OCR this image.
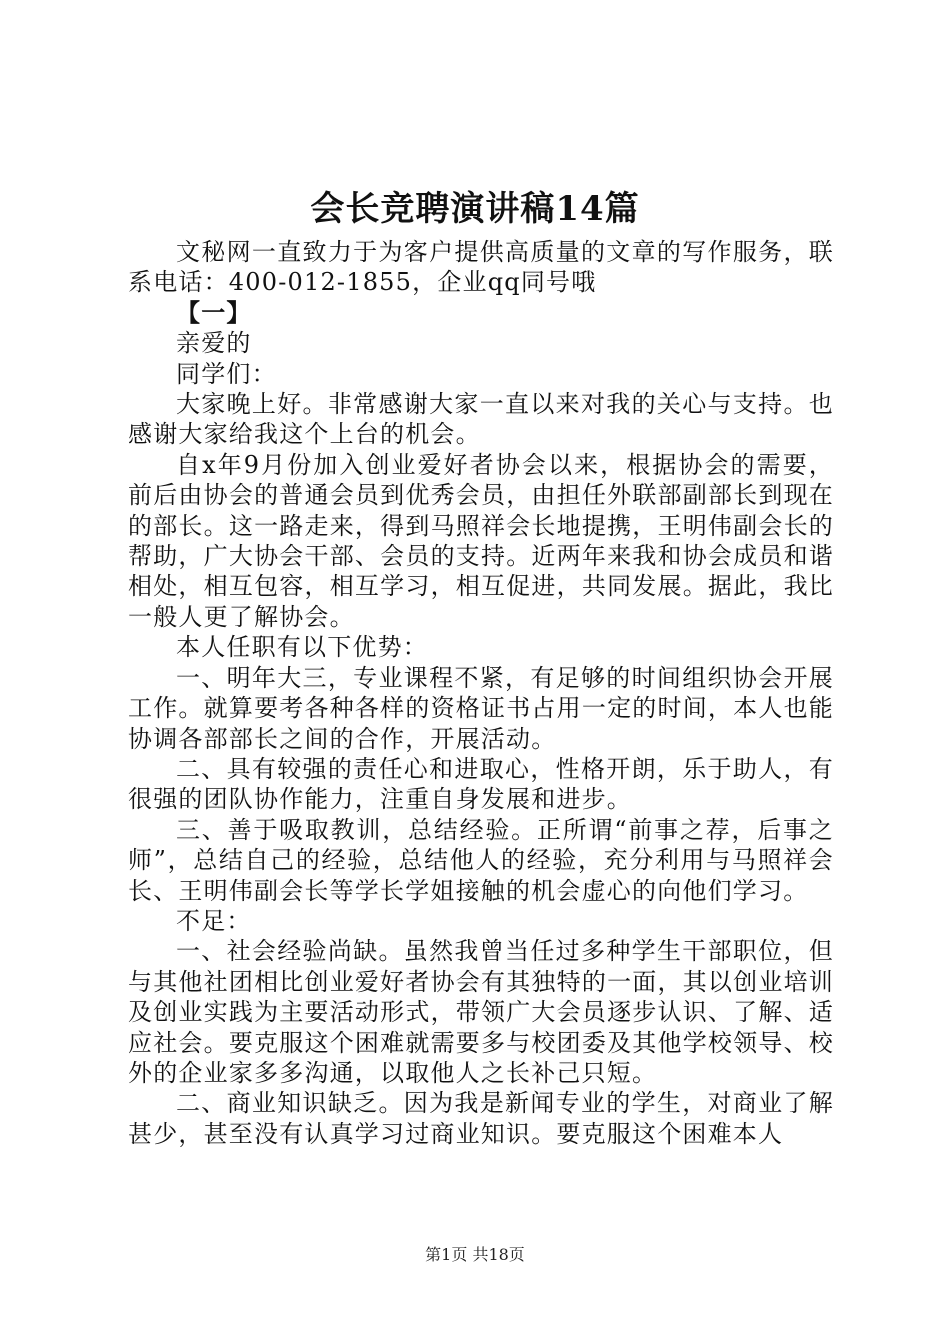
会长竞聘演讲稿14篇

文秘网一直致力于为客户提供高质量的文章的写作服务，联系电话：400-012-1855，企业qq同号哦

【一】

亲爱的

同学们：

大家晚上好。非常感谢大家一直以来对我的关心与支持。也感谢大家给我这个上台的机会。

自x年9月份加入创业爱好者协会以来，根据协会的需要，前后由协会的普通会员到优秀会员，由担任外联部副部长到现在的部长。这一路走来，得到马照祥会长地提携，王明伟副会长的帮助，广大协会干部、会员的支持。近两年来我和协会成员和谐相处，相互包容，相互学习，相互促进，共同发展。据此，我比一般人更了解协会。

本人任职有以下优势：

一、明年大三，专业课程不紧，有足够的时间组织协会开展工作。就算要考各种各样的资格证书占用一定的时间，本人也能协调各部部长之间的合作，开展活动。

二、具有较强的责任心和进取心，性格开朗，乐于助人，有很强的团队协作能力，注重自身发展和进步。

三、善于吸取教训，总结经验。正所谓“前事之荐，后事之师”，总结自己的经验，总结他人的经验，充分利用与马照祥会长、王明伟副会长等学长学姐接触的机会虚心的向他们学习。

不足：

一、社会经验尚缺。虽然我曾当任过多种学生干部职位，但与其他社团相比创业爱好者协会有其独特的一面，其以创业培训及创业实践为主要活动形式，带领广大会员逐步认识、了解、适应社会。要克服这个困难就需要多与校团委及其他学校领导、校外的企业家多多沟通，以取他人之长补己只短。

二、商业知识缺乏。因为我是新闻专业的学生，对商业了解甚少，甚至没有认真学习过商业知识。要克服这个困难本人

第1页 共18页
